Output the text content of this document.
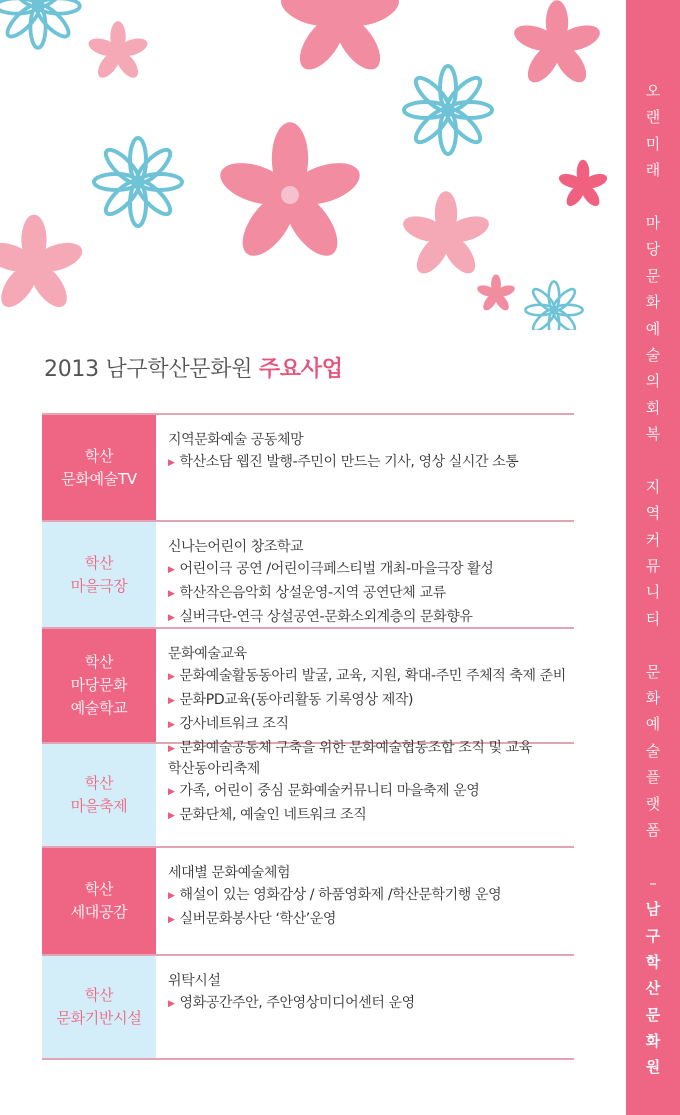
오
랜
미
래

마
당
문
화
예
술
의
회
복

지
역
커
뮤
니
티

문
화
예
술
플
랫
폼

–
남
구
학
산
문
화
원
2013 남구학산문화원 주요사업
학산
문화예술TV
지역문화예술 공동체망
▶ 학산소담 웹진 발행-주민이 만드는 기사, 영상 실시간 소통
학산
마을극장
신나는어린이 창조학교
▶ 어린이극 공연 /어린이극페스티벌 개최-마을극장 활성
▶ 학산작은음악회 상설운영-지역 공연단체 교류
▶ 실버극단-연극 상설공연-문화소외계층의 문화향유
학산
마당문화
예술학교
문화예술교육
▶ 문화예술활동동아리 발굴, 교육, 지원, 확대-주민 주체적 축제 준비
▶ 문화PD교육(동아리활동 기록영상 제작)
▶ 강사네트워크 조직
▶ 문화예술공동체 구축을 위한 문화예술협동조합 조직 및 교육
학산
마을축제
학산동아리축제
▶ 가족, 어린이 중심 문화예술커뮤니티 마을축제 운영
▶ 문화단체, 예술인 네트워크 조직
학산
세대공감
세대별 문화예술체험
▶ 해설이 있는 영화감상 / 하품영화제 /학산문학기행 운영
▶ 실버문화봉사단 ‘학산’운영
학산
문화기반시설
위탁시설
▶ 영화공간주안, 주안영상미디어센터 운영
